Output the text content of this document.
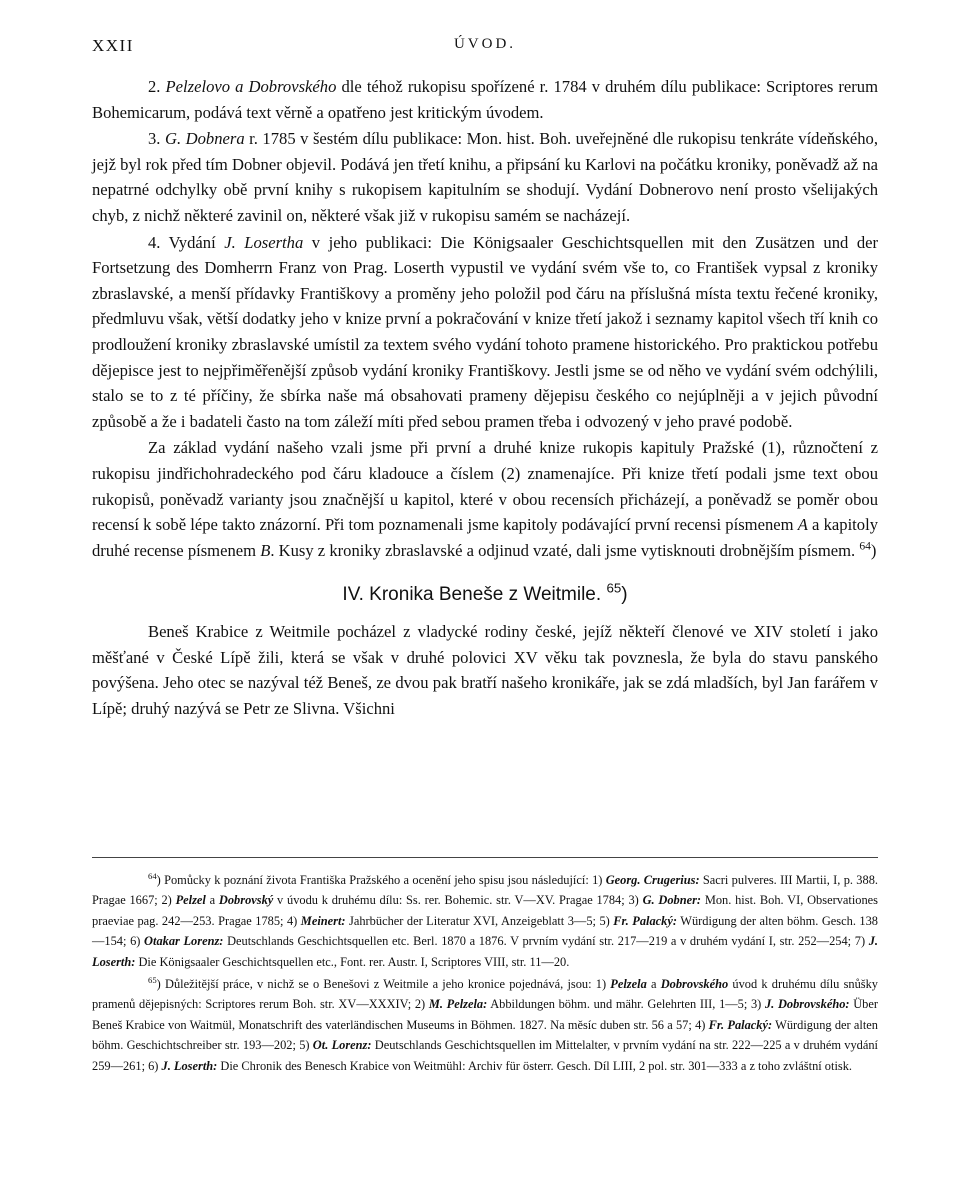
XXII	ÚVOD.

2. Pelzelovo a Dobrovského dle téhož rukopisu spořízené r. 1784 v druhém dílu publikace: Scriptores rerum Bohemicarum, podává text věrně a opatřeno jest kritickým úvodem.

3. G. Dobnera r. 1785 v šestém dílu publikace: Mon. hist. Boh. uveřejněné dle rukopisu tenkráte vídeňského, jejž byl rok před tím Dobner objevil. Podává jen třetí knihu, a připsání ku Karlovi na počátku kroniky, poněvadž až na nepatrné odchylky obě první knihy s rukopisem kapitulním se shodují. Vydání Dobnerovo není prosto všelijakých chyb, z nichž některé zavinil on, některé však již v rukopisu samém se nacházejí.

4. Vydání J. Losertha v jeho publikaci: Die Königsaaler Geschichtsquellen mit den Zusätzen und der Fortsetzung des Domherrn Franz von Prag. Loserth vypustil ve vydání svém vše to, co František vypsal z kroniky zbraslavské, a menší přídavky Františkovy a proměny jeho položil pod čáru na příslušná místa textu řečené kroniky, předmluvu však, větší dodatky jeho v knize první a pokračování v knize třetí jakož i seznamy kapitol všech tří knih co prodloužení kroniky zbraslavské umístil za textem svého vydání tohoto pramene historického. Pro praktickou potřebu dějepisce jest to nejpřiměřenější způsob vydání kroniky Františkovy. Jestli jsme se od něho ve vydání svém odchýlili, stalo se to z té příčiny, že sbírka naše má obsahovati prameny dějepisu českého co nejúplněji a v jejich původní způsobě a že i badateli často na tom záleží míti před sebou pramen třeba i odvozený v jeho pravé podobě.

Za základ vydání našeho vzali jsme při první a druhé knize rukopis kapituly Pražské (1), různočtení z rukopisu jindřichohradeckého pod čáru kladouce a číslem (2) znamenajíce. Při knize třetí podali jsme text obou rukopisů, poněvadž varianty jsou značnější u kapitol, které v obou recensích přicházejí, a poněvadž se poměr obou recensí k sobě lépe takto znázorní. Při tom poznamenali jsme kapitoly podávající první recensi písmenem A a kapitoly druhé recense písmenem B. Kusy z kroniky zbraslavské a odjinud vzaté, dali jsme vytisknouti drobnějším písmem. $^{64}$)

IV. Kronika Beneše z Weitmile. $^{65}$)

Beneš Krabice z Weitmile pocházel z vladycké rodiny české, jejíž někteří členové ve XIV století i jako měšťané v České Lípě žili, která se však v druhé polovici XV věku tak povznesla, že byla do stavu panského povýšena. Jeho otec se nazýval též Beneš, ze dvou pak bratří našeho kronikáře, jak se zdá mladších, byl Jan farářem v Lípě; druhý nazývá se Petr ze Slivna. Všichni

$^{64}$) Pomůcky k poznání života Františka Pražského a ocenění jeho spisu jsou následující: 1) Georg. Crugerius: Sacri pulveres. III Martii, I, p. 388. Pragae 1667; 2) Pelzel a Dobrovský v úvodu k druhému dílu: Ss. rer. Bohemic. str. V—XV. Pragae 1784; 3) G. Dobner: Mon. hist. Boh. VI, Observationes praeviae pag. 242—253. Pragae 1785; 4) Meinert: Jahrbücher der Literatur XVI, Anzeigeblatt 3—5; 5) Fr. Palacký: Würdigung der alten böhm. Gesch. 138—154; 6) Otakar Lorenz: Deutschlands Geschichtsquellen etc. Berl. 1870 a 1876. V prvním vydání str. 217—219 a v druhém vydání I, str. 252—254; 7) J. Loserth: Die Königsaaler Geschichtsquellen etc., Font. rer. Austr. I, Scriptores VIII, str. 11—20.

$^{65}$) Důležitější práce, v nichž se o Benešovi z Weitmile a jeho kronice pojednává, jsou: 1) Pelzela a Dobrovského úvod k druhému dílu snůšky pramenů dějepisných: Scriptores rerum Boh. str. XV—XXXIV; 2) M. Pelzela: Abbildungen böhm. und mähr. Gelehrten III, 1—5; 3) J. Dobrovského: Über Beneš Krabice von Waitmül, Monatschrift des vaterländischen Museums in Böhmen. 1827. Na měsíc duben str. 56 a 57; 4) Fr. Palacký: Würdigung der alten böhm. Geschichtschreiber str. 193—202; 5) Ot. Lorenz: Deutschlands Geschichtsquellen im Mittelalter, v prvním vydání na str. 222—225 a v druhém vydání 259—261; 6) J. Loserth: Die Chronik des Benesch Krabice von Weitmühl: Archiv für österr. Gesch. Díl LIII, 2 pol. str. 301—333 a z toho zvláštní otisk.
